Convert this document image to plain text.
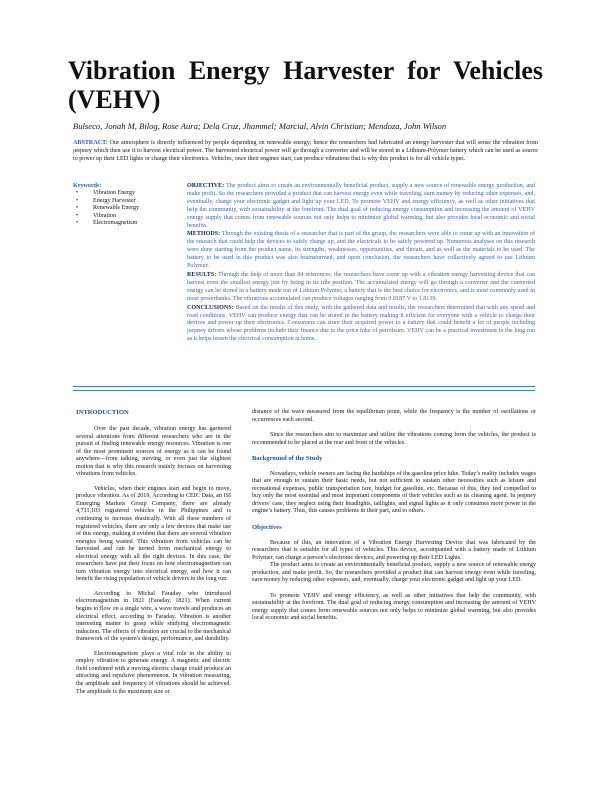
Vibration Energy Harvester for Vehicles
(VEHV)
Bulseco, Jonah M, Bilog, Rose Aura; Dela Cruz, Jhammel; Marcial, Alvin Christian; Mendoza, John Wilson
ABSTRACT: Our atmosphere is directly influenced by people depending on renewable energy; hence the researchers had fabricated an energy harvester that will sense the vibration from jeepney which then use it to harvest electrical power. The harvested electrical power will go through a converter and will be stored in a Lithium-Polymer battery which can be used as source to power up their LED lights or charge their electronics. Vehicles, once their engines start, can produce vibrations that is why this product is for all vehicle types.
Keywords:
• Vibration Energy
• Energy Harvester
• Renewable Energy
• Vibration
• Electromagnetism

OBJECTIVE: The product aims to create an environmentally beneficial product, supply a new source of renewable energy production, and make profit. So the researchers provided a product that can harvest energy even while traveling, earn money by reducing other expenses, and, eventually, charge your electronic gadget and light up your LED. To promote VEHV and energy efficiency, as well as other initiatives that help the community, with sustainability at the forefront. The dual goal of reducing energy consumption and increasing the amount of VEHV energy supply that comes from renewable sources not only helps to minimize global warming, but also provides local economic and social benefits.

METHODS: Through the existing thesis of a researcher that is part of the group, the researchers were able to come up with an innovation of the research that could help the devices to safely charge up, and the electricals to be safely powered up. Numerous analyses on this research were done starting from the product name, its strengths, weaknesses, opportunities, and threats, and as well as the materials to be used. The battery to be used in this product was also brainstormed, and upon conclusion, the researchers have collectively agreed to use Lithium Polymer.

RESULTS: Through the help of more than 84 references, the researchers have come up with a vibration energy harvesting device that can harvest even the smallest energy just by being in its idle position. The accumulated energy will go through a converter and the converted energy can be stored in a battery made out of Lithium Polymer, a battery that is the best choice for electronics, and is most commonly used in most powerbanks. The vibrations accumulated can produce voltages ranging from 0.0187 V to 1.8139.

CONCLUSIONS: Based on the results of this study, with the gathered data and results, the researchers determined that with any speed and road conditions, VEHV can produce energy that can be stored in the battery making it efficient for everyone with a vehicle to charge their devices and power up their electronics. Consumers can store their acquired power to a battery that could benefit a lot of people including jeepney drivers whose problems include their finance due to the price hike of petroleum. VEHV can be a practical investment in the long run as it helps lessen the electrical consumption at home.

INTRODUCTION

Over the past decade, vibration energy has garnered several attentions from different researchers who are in the pursuit of finding renewable energy resources. Vibration is one of the most prominent sources of energy as it can be found anywhere—from talking, moving, or even just the slightest motion that is why this research mainly focuses on harvesting vibrations from vehicles.

Vehicles, when their engines start and begin to move, produce vibration. As of 2019, According to CEIC Data, an ISI Emerging Markets Group Company, there are already 4,711,103 registered vehicles in the Philippines and is continuing to increase drastically. With all these numbers of registered vehicles, there are only a few devices that make use of this energy, making it evident that there are several vibration energies being wasted. This vibration from vehicles can be harvested and can be turned from mechanical energy to electrical energy with all the right devices. In this case, the researchers have put their focus on how electromagnetism can turn vibration energy into electrical energy, and how it can benefit the rising population of vehicle drivers in the long run.

According to Michal Faraday who introduced electromagnetism in 1821 (Faraday, 1821). When current begins to flow on a single wire, a wave travels and produces an electrical effect, according to Faraday. Vibration is another interesting matter to grasp while studying electromagnetic induction. The effects of vibration are crucial to the mechanical framework of the system's design, performance, and durability.

Electromagnetism plays a vital role in the ability to employ vibration to generate energy. A magnetic and electric field combined with a moving electric charge could produce an attracting and repulsive phenomenon. In vibration measuring, the amplitude and frequency of vibrations should be achieved. The amplitude is the maximum size or

distance of the wave measured from the equilibrium point, while the frequency is the number of oscillations or occurrences each second.

Since the researchers aim to maximize and utilize the vibrations coming from the vehicles, the product is recommended to be placed at the rear and front of the vehicles.

Background of the Study

Nowadays, vehicle owners are facing the hardships of the gasoline price hike. Today’s reality includes wages that are enough to sustain their basic needs, but not sufficient to sustain other necessities such as leisure and recreational expenses, public transportation fare, budget for gasoline, etc. Because of this, they feel compelled to buy only the most essential and most important components of their vehicles such as its cleaning agent. In jeepney drivers’ case, they neglect using their headlights, taillights, and signal lights as it only consumes more power in the engine’s battery. Thus, this causes problems in their part, and to others.

Objectives

Because of this, an innovation of a Vibration Energy Harvesting Device that was fabricated by the researchers that is suitable for all types of vehicles. This device, accompanied with a battery made of Lithium Polymer, can charge a person’s electronic devices, and powering up their LED Lights.

The product aims to create an environmentally beneficial product, supply a new source of renewable energy production, and make profit. So, the researchers provided a product that can harvest energy even while traveling, earn money by reducing other expenses, and, eventually, charge your electronic gadget and light up your LED.

To promote VEHV and energy efficiency, as well as other initiatives that help the community, with sustainability at the forefront. The dual goal of reducing energy consumption and increasing the amount of VEHV energy supply that comes from renewable sources not only helps to minimize global warming, but also provides local economic and social benefits.
